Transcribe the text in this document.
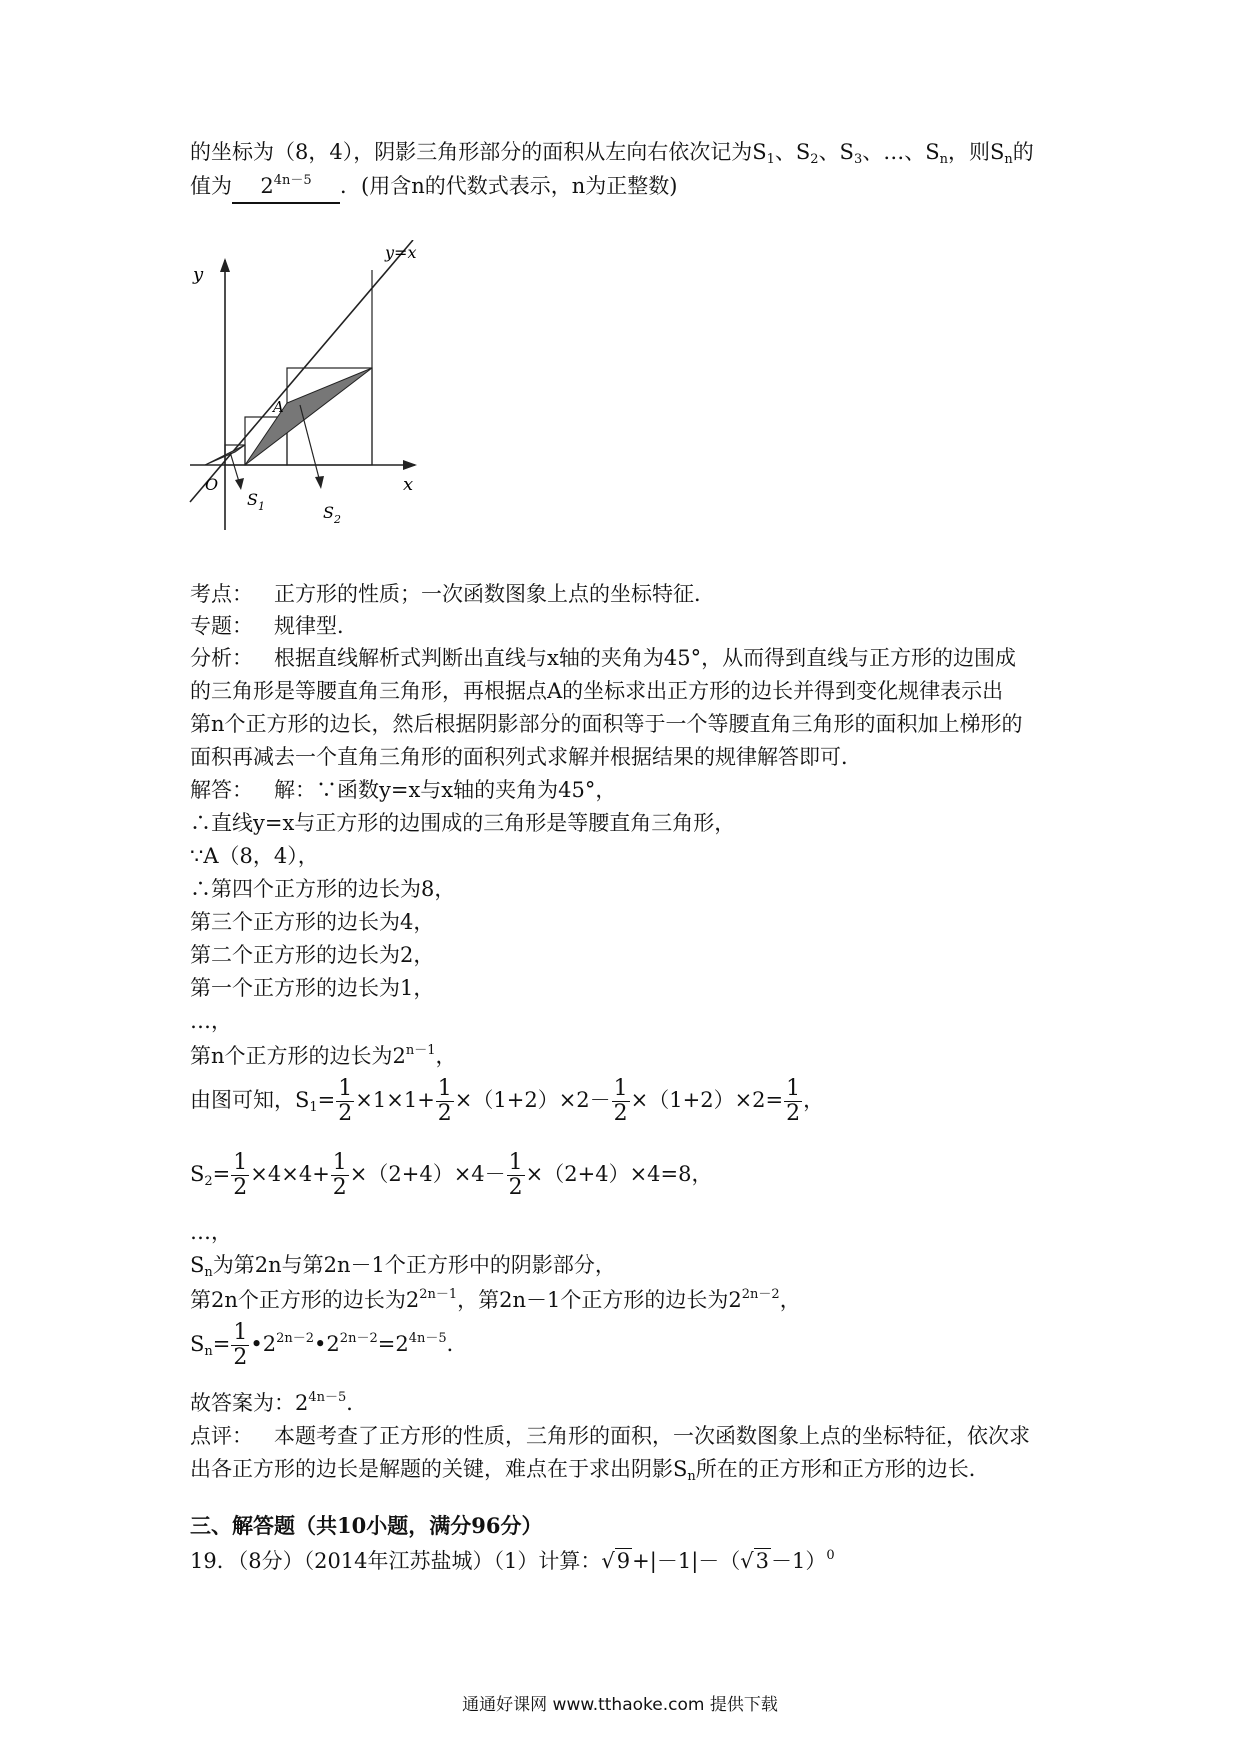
的坐标为（8，4），阴影三角形部分的面积从左向右依次记为$S_1$、$S_2$、$S_3$、…、$S_n$，则$S_n$的
值为 $2^{4n-5}$ ．(用含n的代数式表示，n为正整数)
y
x
y=x
O
A
$S_1$	$S_2$
考点： 正方形的性质；一次函数图象上点的坐标特征．
专题： 规律型．
分析： 根据直线解析式判断出直线与x轴的夹角为45°，从而得到直线与正方形的边围成
的三角形是等腰直角三角形，再根据点A的坐标求出正方形的边长并得到变化规律表示出
第n个正方形的边长，然后根据阴影部分的面积等于一个等腰直角三角形的面积加上梯形的
面积再减去一个直角三角形的面积列式求解并根据结果的规律解答即可．
解答： 解：∵函数y=x与x轴的夹角为45°，
∴直线y=x与正方形的边围成的三角形是等腰直角三角形，
∵A（8，4），
∴第四个正方形的边长为8，
第三个正方形的边长为4，
第二个正方形的边长为2，
第一个正方形的边长为1，
…，
第n个正方形的边长为$2^{n-1}$，
由图可知，$S_1= \frac{1}{2} \times 1\times 1+ \frac{1}{2} \times(1+2)\times 2- \frac{1}{2} \times(1+2)\times 2= \frac{1}{2}$ ，
$S_2= \frac{1}{2} \times 4\times 4+ \frac{1}{2} \times(2+4)\times 4- \frac{1}{2} \times(2+4)\times 4=8$，
…，
$S_n$为第2n与第2n－1个正方形中的阴影部分，
第2n个正方形的边长为$2^{2n-1}$，第2n－1个正方形的边长为$2^{2n-2}$，
$S_n= \frac{1}{2}$ $•2^{2n-2}•2^{2n-2}=2^{4n-5}$．
故答案为：$2^{4n-5}$．
点评： 本题考查了正方形的性质，三角形的面积，一次函数图象上点的坐标特征，依次求
出各正方形的边长是解题的关键，难点在于求出阴影$S_n$所在的正方形和正方形的边长．
三、解答题（共10小题，满分96分）
19．（8分）（2014年江苏盐城）（1）计算：$√9+|-1|-(√3-1)^0$
通通好课网 www.tthaoke.com 提供下载
